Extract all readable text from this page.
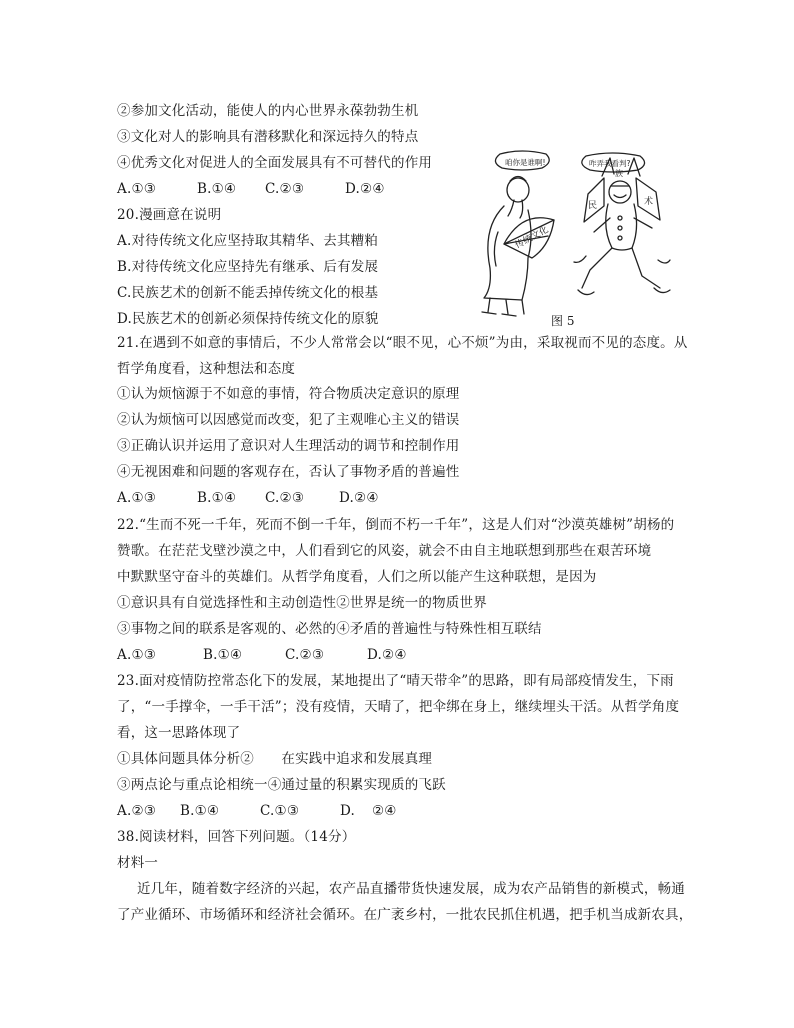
②参加文化活动，能使人的内心世界永葆勃勃生机
③文化对人的影响具有潜移默化和深远持久的特点
④优秀文化对促进人的全面发展具有不可替代的作用
A.①③	B.①④ C.②③	D.②④
20.漫画意在说明
A.对待传统文化应坚持取其精华、去其糟粕
B.对待传统文化应坚持先有继承、后有发展
C.民族艺术的创新不能丢掉传统文化的根基
D.民族艺术的创新必须保持传统文化的原貌
21.在遇到不如意的事情后，不少人常常会以“眼不见，心不烦”为由，采取视而不见的态度。从
哲学角度看，这种想法和态度
①认为烦恼源于不如意的事情，符合物质决定意识的原理
②认为烦恼可以因感觉而改变，犯了主观唯心主义的错误
③正确认识并运用了意识对人生理活动的调节和控制作用
④无视困难和问题的客观存在，否认了事物矛盾的普遍性
A.①③	B.①④ C.②③	D.②④
22.“生而不死一千年，死而不倒一千年，倒而不朽一千年”，这是人们对“沙漠英雄树”胡杨的
赞歌。在茫茫戈壁沙漠之中，人们看到它的风姿，就会不由自主地联想到那些在艰苦环境
中默默坚守奋斗的英雄们。从哲学角度看，人们之所以能产生这种联想，是因为
①意识具有自觉选择性和主动创造性②世界是统一的物质世界
③事物之间的联系是客观的、必然的④矛盾的普遍性与特殊性相互联结
A.①③	B.①④	C.②③	D.②④
23.面对疫情防控常态化下的发展，某地提出了“晴天带伞”的思路，即有局部疫情发生，下雨
了，“一手撑伞，一手干活”；没有疫情，天晴了，把伞绑在身上，继续埋头干活。从哲学角度
看，这一思路体现了
①具体问题具体分析②　　在实践中追求和发展真理
③两点论与重点论相统一④通过量的积累实现质的飞跃
A.②③ B.①④	C.①③	D. ②④
38.阅读材料，回答下列问题。（14分）
材料一
近几年，随着数字经济的兴起，农产品直播带货快速发展，成为农产品销售的新模式，畅通
了产业循环、市场循环和经济社会循环。在广袤乡村，一批农民抓住机遇，把手机当成新农具，
咱你是谁啊!	咋弄我看判?
传统文化
民
族
术
图 5
